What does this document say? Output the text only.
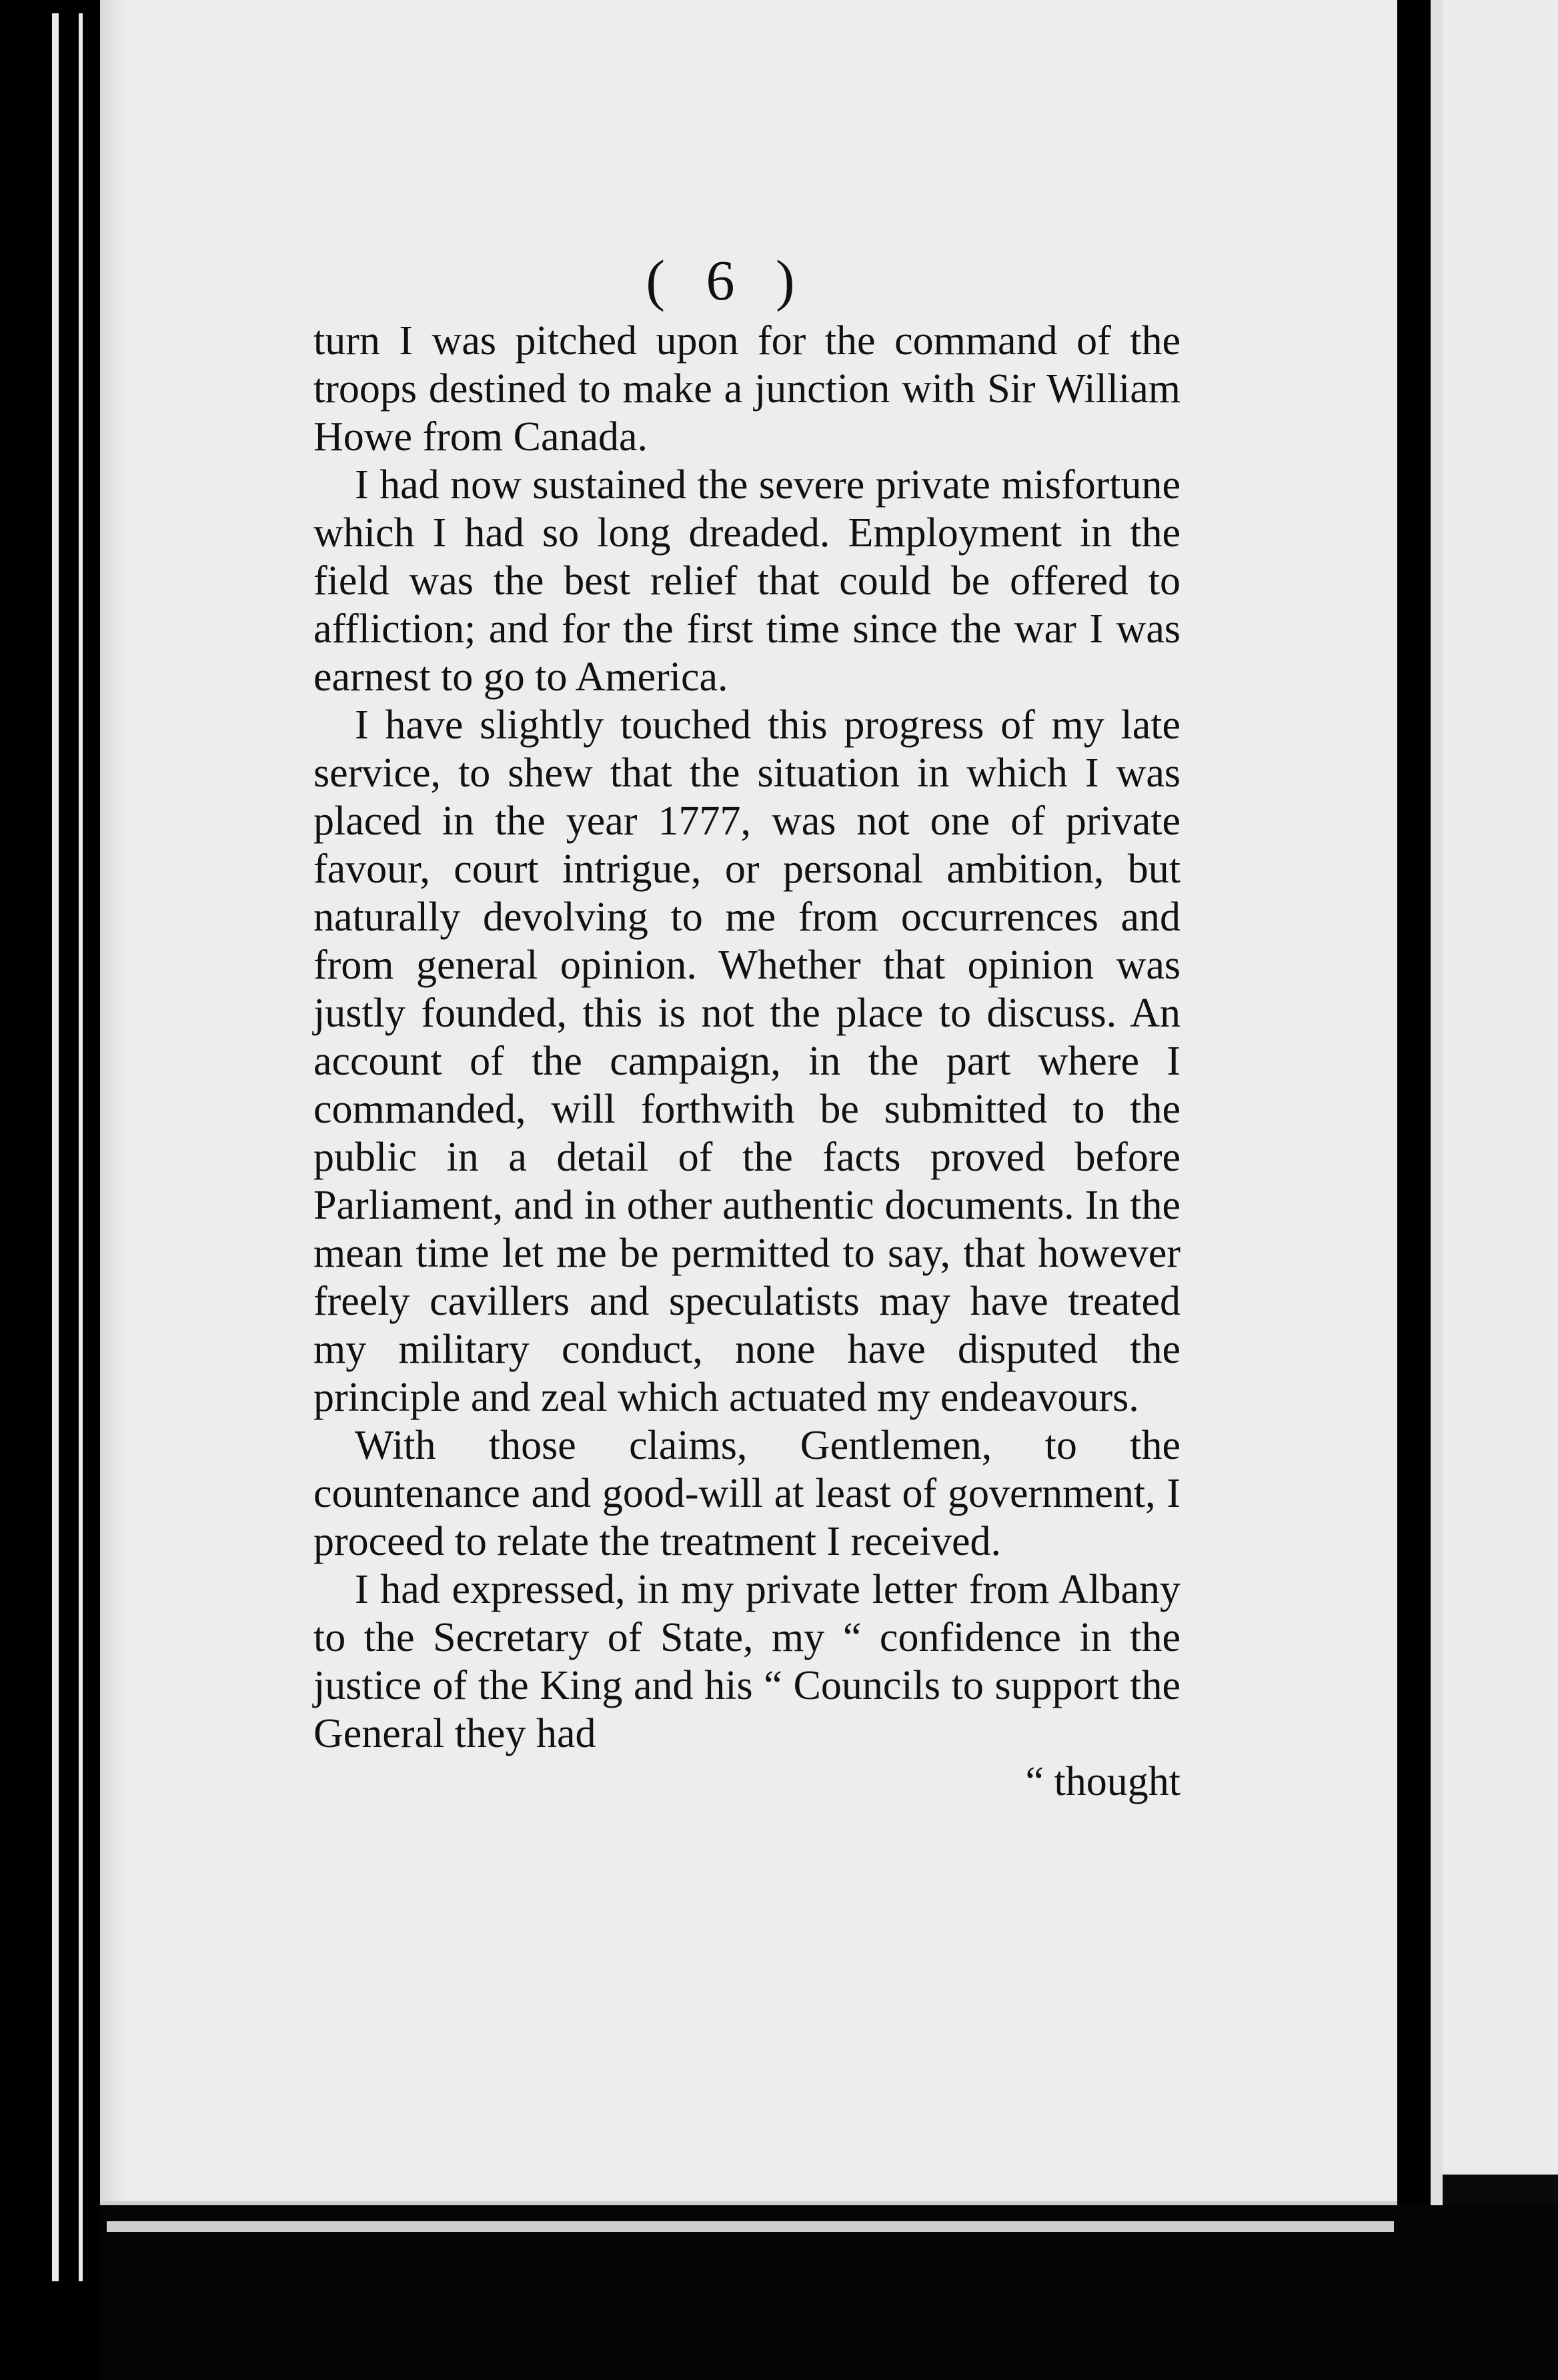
( 6 )

turn I was pitched upon for the command of the troops destined to make a junction with Sir William Howe from Canada.

I had now sustained the severe private misfortune which I had so long dreaded. Employment in the field was the best relief that could be offered to affliction; and for the first time since the war I was earnest to go to America.

I have slightly touched this progress of my late service, to shew that the situation in which I was placed in the year 1777, was not one of private favour, court intrigue, or personal ambition, but naturally devolving to me from occurrences and from general opinion. Whether that opinion was justly founded, this is not the place to discuss. An account of the campaign, in the part where I commanded, will forthwith be submitted to the public in a detail of the facts proved before Parliament, and in other authentic documents. In the mean time let me be permitted to say, that however freely cavillers and speculatists may have treated my military conduct, none have disputed the principle and zeal which actuated my endeavours.

With those claims, Gentlemen, to the countenance and good-will at least of government, I proceed to relate the treatment I received.

I had expressed, in my private letter from Albany to the Secretary of State, my “ confidence in the justice of the King and his “ Councils to support the General they had

“ thought
